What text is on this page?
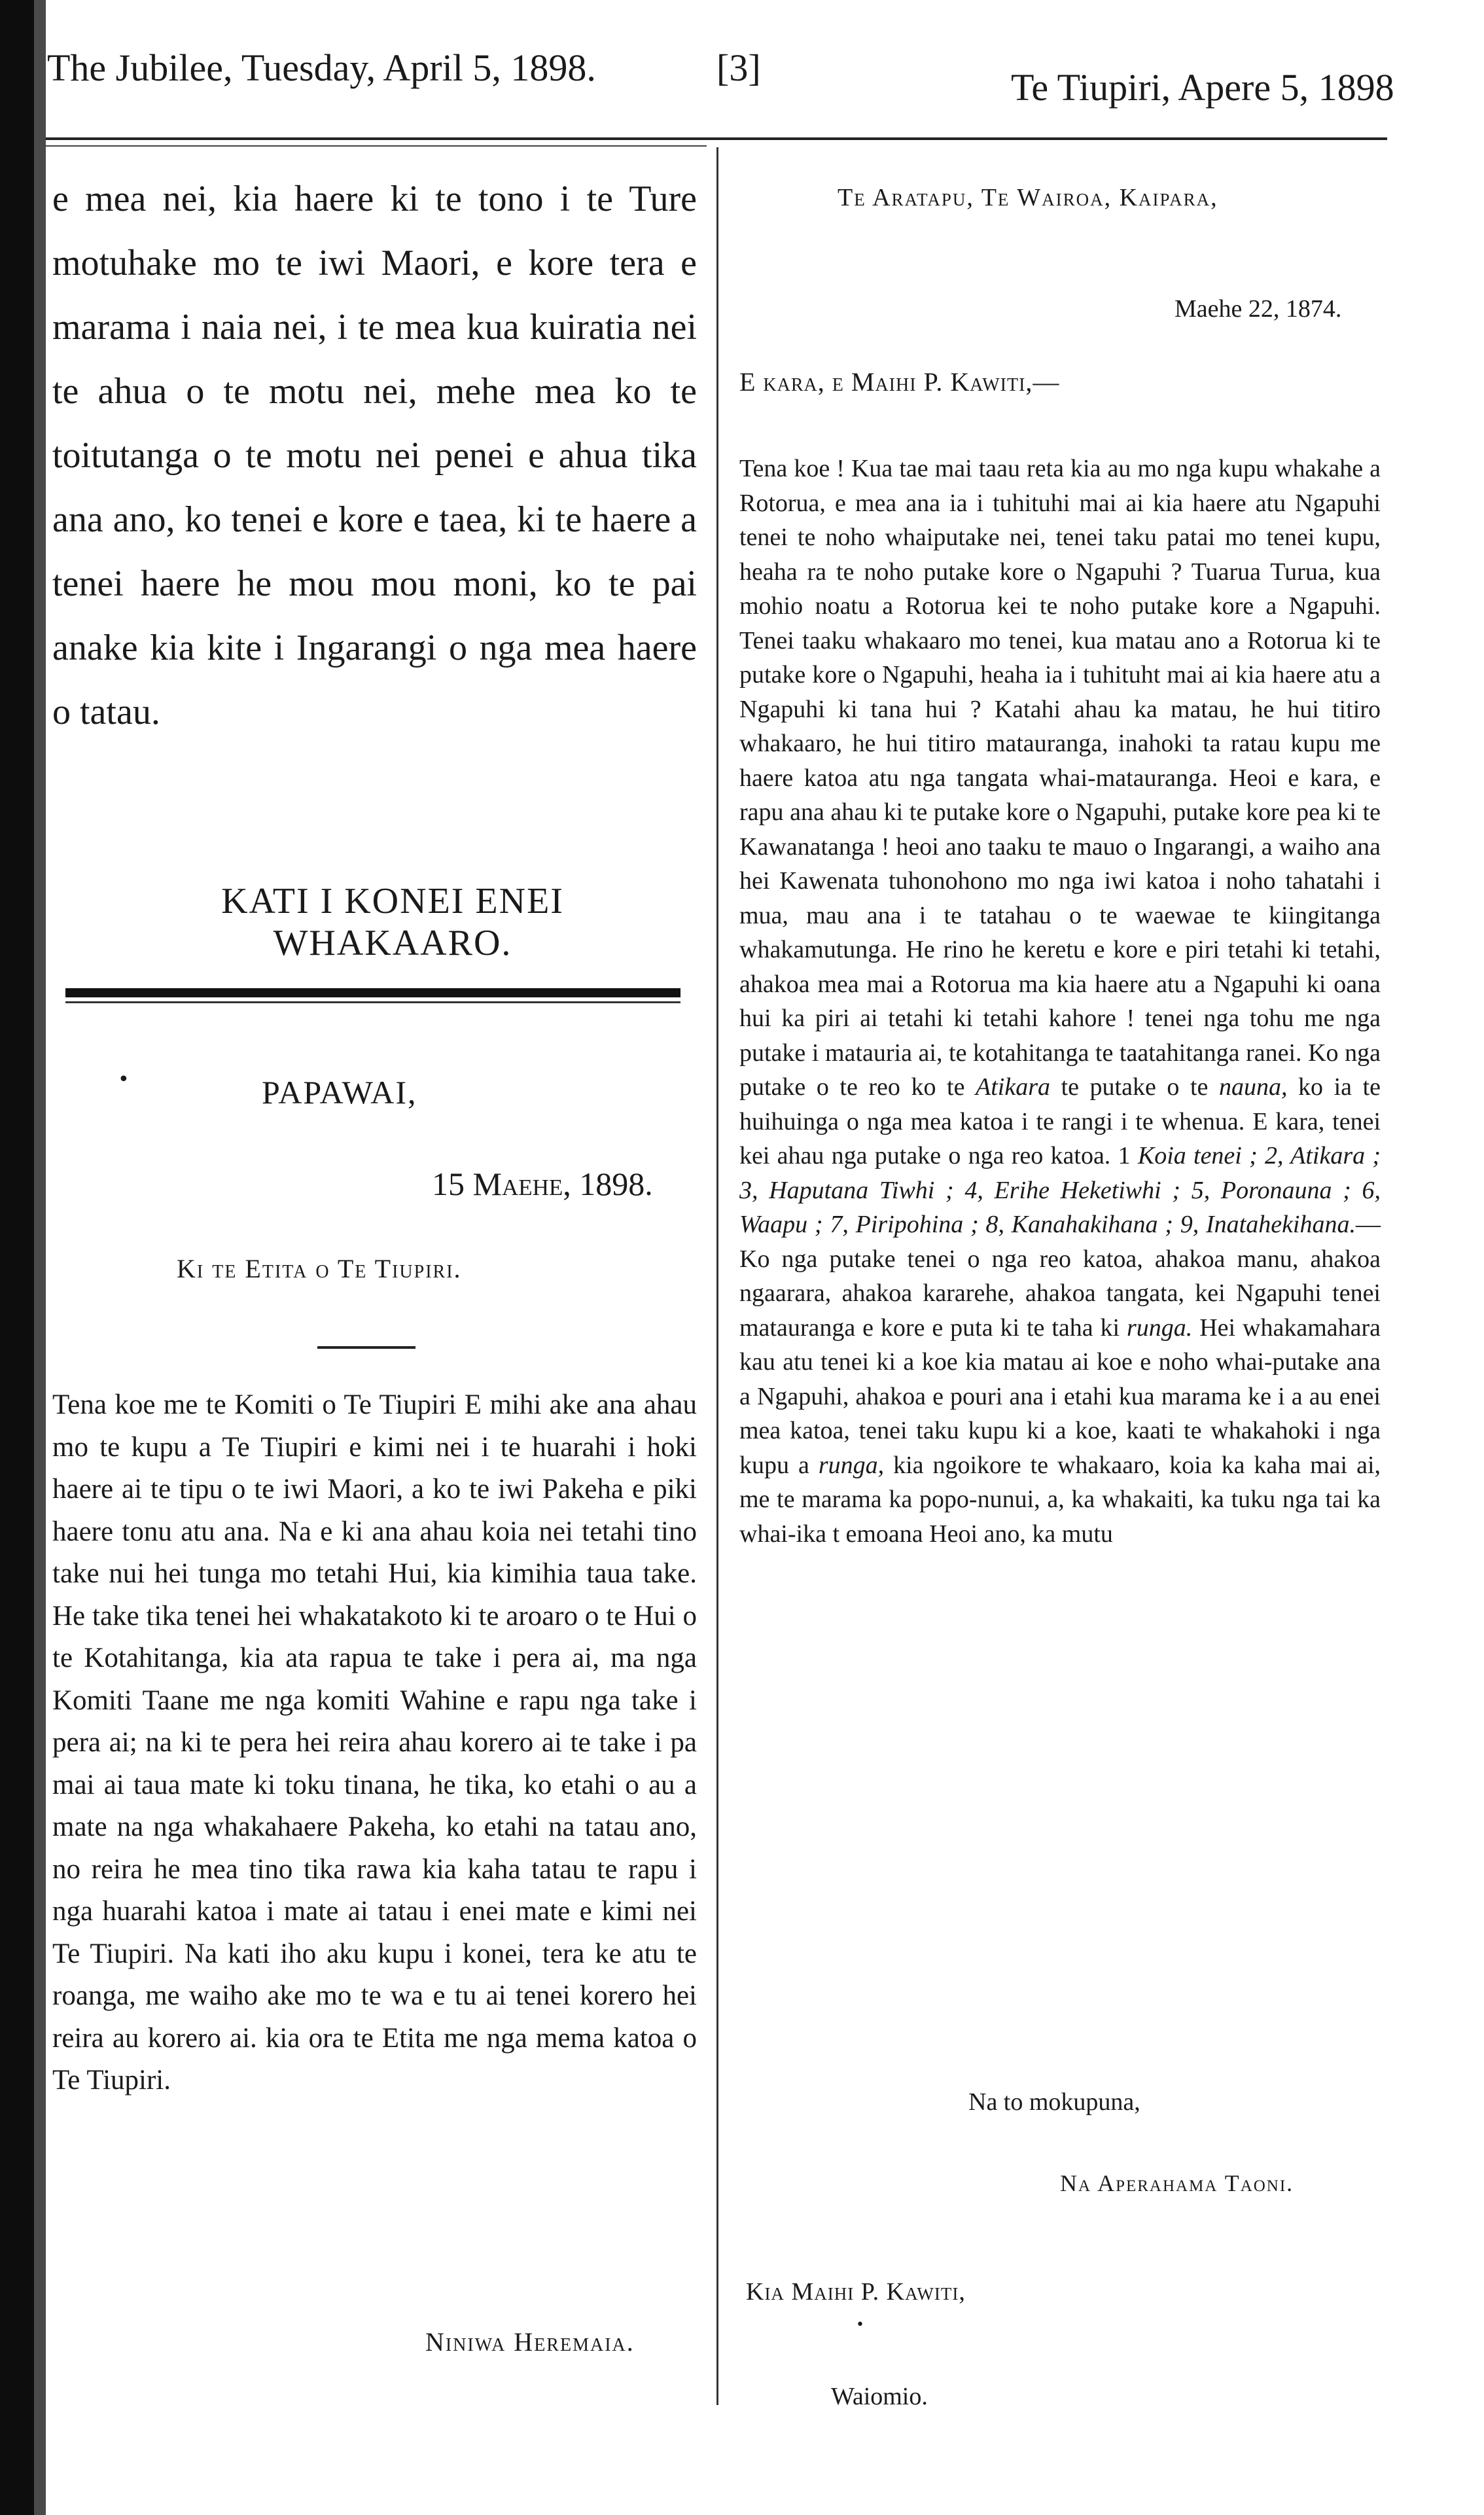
The Jubilee, Tuesday, April 5, 1898.	[3]	Te Tiupiri, Apere 5, 1898
e mea nei, kia haere ki te tono i te Ture motuhake mo te iwi Maori, e kore tera e marama i naia nei, i te mea kua kuiratia nei te ahua o te motu nei, mehe mea ko te toitutanga o te motu nei penei e ahua tika ana ano, ko tenei e kore e taea, ki te haere a tenei haere he mou mou moni, ko te pai anake kia kite i Ingarangi o nga mea haere o tatau.
KATI I KONEI ENEI WHAKAARO.
•	PAPAWAI,
15 Maehe, 1898.
Ki te Etita o Te Tiupiri.
Tena koe me te Komiti o Te Tiupiri E mihi ake ana ahau mo te kupu a Te Tiupiri e kimi nei i te huarahi i hoki haere ai te tipu o te iwi Maori, a ko te iwi Pakeha e piki haere tonu atu ana. Na e ki ana ahau koia nei tetahi tino take nui hei tunga mo tetahi Hui, kia kimihia taua take. He take tika tenei hei whakatakoto ki te aroaro o te Hui o te Kotahitanga, kia ata rapua te take i pera ai, ma nga Komiti Taane me nga komiti Wahine e rapu nga take i pera ai; na ki te pera hei reira ahau korero ai te take i pa mai ai taua mate ki toku tinana, he tika, ko etahi o au a mate na nga whakahaere Pakeha, ko etahi na tatau ano, no reira he mea tino tika rawa kia kaha tatau te rapu i nga huarahi katoa i mate ai tatau i enei mate e kimi nei Te Tiupiri. Na kati iho aku kupu i konei, tera ke atu te roanga, me waiho ake mo te wa e tu ai tenei korero hei reira au korero ai. kia ora te Etita me nga mema katoa o Te Tiupiri.
Niniwa Heremaia.
Te Aratapu, Te Wairoa, Kaipara,
Maehe 22, 1874.
E kara, e Maihi P. Kawiti,—
Tena koe ! Kua tae mai taau reta kia au mo nga kupu whakahe a Rotorua, e mea ana ia i tuhituhi mai ai kia haere atu Ngapuhi tenei te noho whaiputake nei, tenei taku patai mo tenei kupu, heaha ra te noho putake kore o Ngapuhi ? Tuarua Turua, kua mohio noatu a Rotorua kei te noho putake kore a Ngapuhi. Tenei taaku whakaaro mo tenei, kua matau ano a Rotorua ki te putake kore o Ngapuhi, heaha ia i tuhituht mai ai kia haere atu a Ngapuhi ki tana hui ? Katahi ahau ka matau, he hui titiro whakaaro, he hui titiro matauranga, inahoki ta ratau kupu me haere katoa atu nga tangata whai-matauranga. Heoi e kara, e rapu ana ahau ki te putake kore o Ngapuhi, putake kore pea ki te Kawanatanga ! heoi ano taaku te mauo o Ingarangi, a waiho ana hei Kawenata tuhonohono mo nga iwi katoa i noho tahatahi i mua, mau ana i te tatahau o te waewae te kiingitanga whakamutunga. He rino he keretu e kore e piri tetahi ki tetahi, ahakoa mea mai a Rotorua ma kia haere atu a Ngapuhi ki oana hui ka piri ai tetahi ki tetahi kahore ! tenei nga tohu me nga putake i matauria ai, te kotahitanga te taatahitanga ranei. Ko nga putake o te reo ko te Atikara te putake o te nauna, ko ia te huihuinga o nga mea katoa i te rangi i te whenua. E kara, tenei kei ahau nga putake o nga reo katoa. 1 Koia tenei ; 2, Atikara ; 3, Haputana Tiwhi ; 4, Erihe Heketiwhi ; 5, Poronauna ; 6, Waapu ; 7, Piripohina ; 8, Kanahakihana ; 9, Inatahekihana.—Ko nga putake tenei o nga reo katoa, ahakoa manu, ahakoa ngaarara, ahakoa kararehe, ahakoa tangata, kei Ngapuhi tenei matauranga e kore e puta ki te taha ki runga. Hei whakamahara kau atu tenei ki a koe kia matau ai koe e noho whai-putake ana a Ngapuhi, ahakoa e pouri ana i etahi kua marama ke i a au enei mea katoa, tenei taku kupu ki a koe, kaati te whakahoki i nga kupu a runga, kia ngoikore te whakaaro, koia ka kaha mai ai, me te marama ka popo-nunui, a, ka whakaiti, ka tuku nga tai ka whai-ika t emoana Heoi ano, ka mutu
Na to mokupuna,
Na Aperahama Taoni.
Kia Maihi P. Kawiti,
•
Waiomio.
